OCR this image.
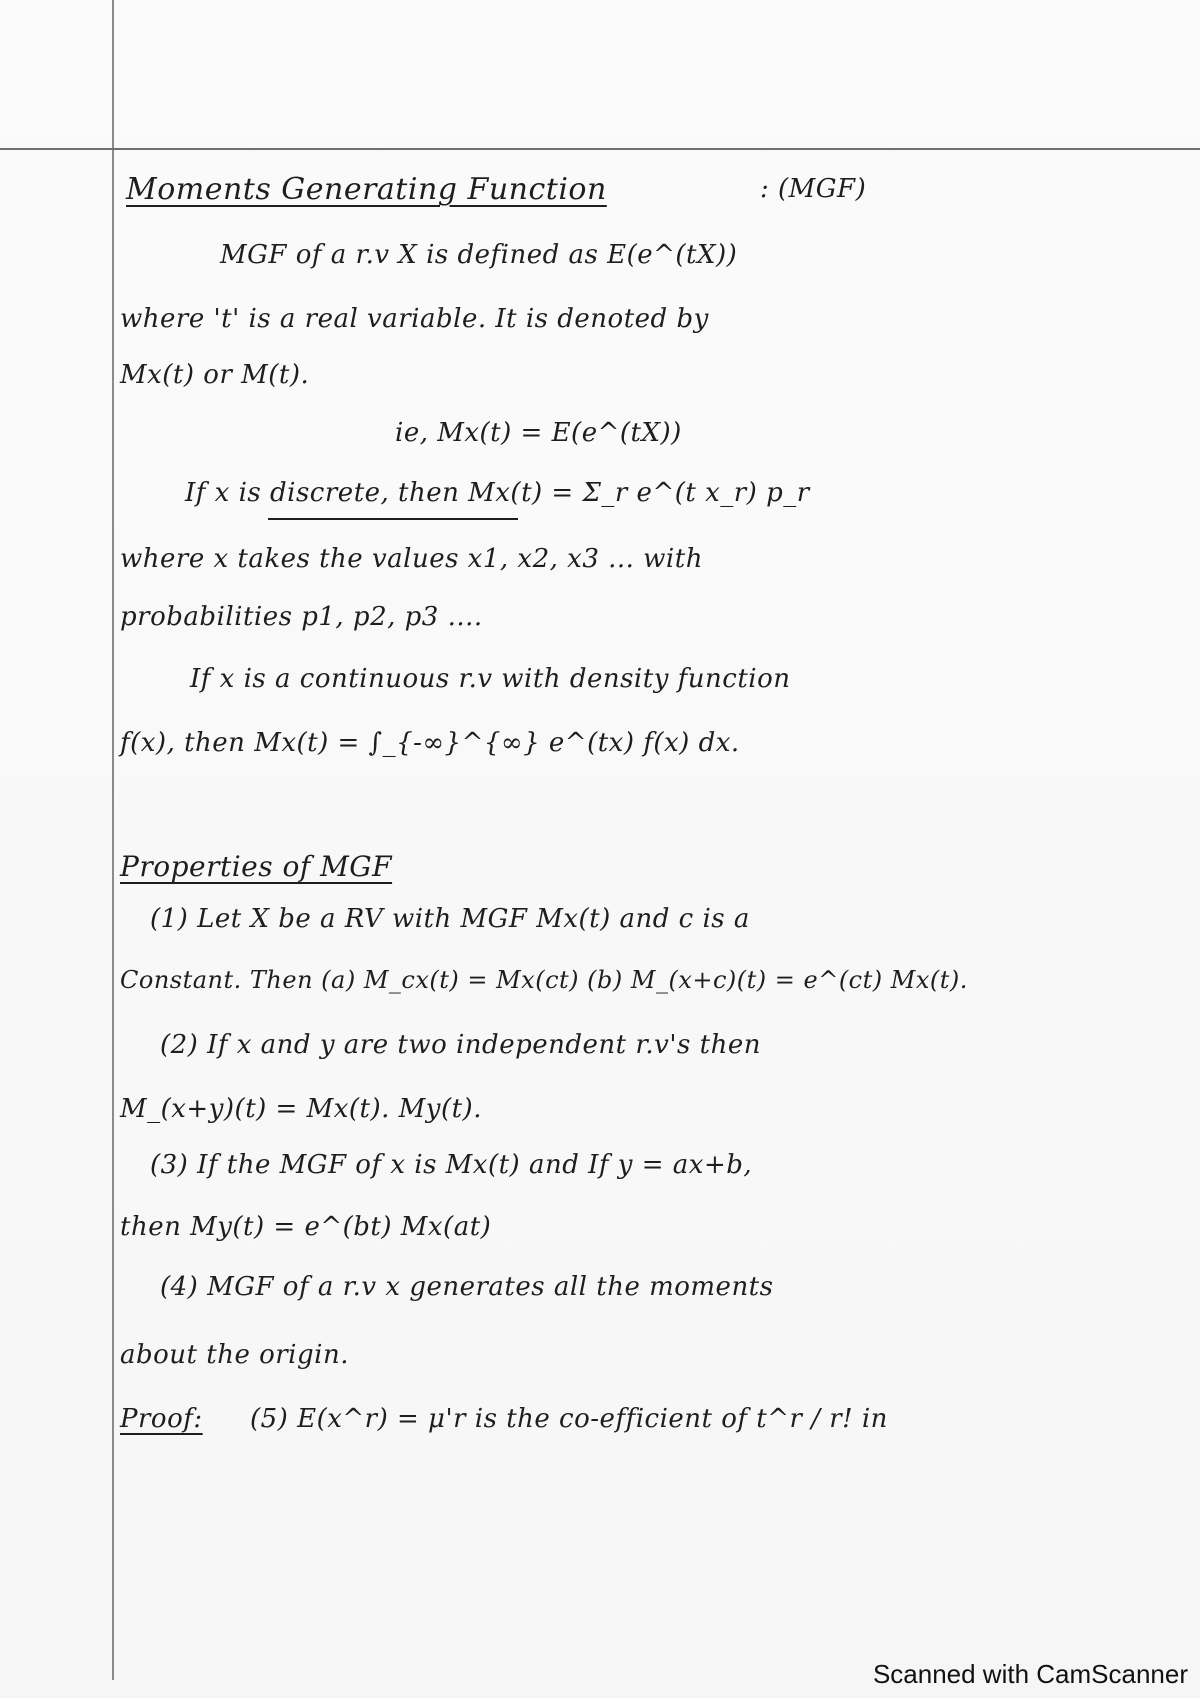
Moments Generating Function	: (MGF)
MGF of a r.v X is defined as E(e^(tX))
where 't' is a real variable. It is denoted by
Mx(t) or M(t).
ie, Mx(t) = E(e^(tX))
If x is discrete, then Mx(t) = Σ_r e^(t x_r) p_r
where x takes the values x1, x2, x3 ... with
probabilities p1, p2, p3 ....
If x is a continuous r.v with density function
f(x), then Mx(t) = ∫_{-∞}^{∞} e^(tx) f(x) dx.
Properties of MGF
(1) Let X be a RV with MGF Mx(t) and c is a
Constant. Then (a) M_cx(t) = Mx(ct) (b) M_(x+c)(t) = e^(ct) Mx(t).
(2) If x and y are two independent r.v's then
M_(x+y)(t) = Mx(t). My(t).
(3) If the MGF of x is Mx(t) and If y = ax+b,
then My(t) = e^(bt) Mx(at)
(4) MGF of a r.v x generates all the moments
about the origin.
Proof: (5) E(x^r) = μ'r is the co-efficient of t^r / r! in
Scanned with CamScanner
